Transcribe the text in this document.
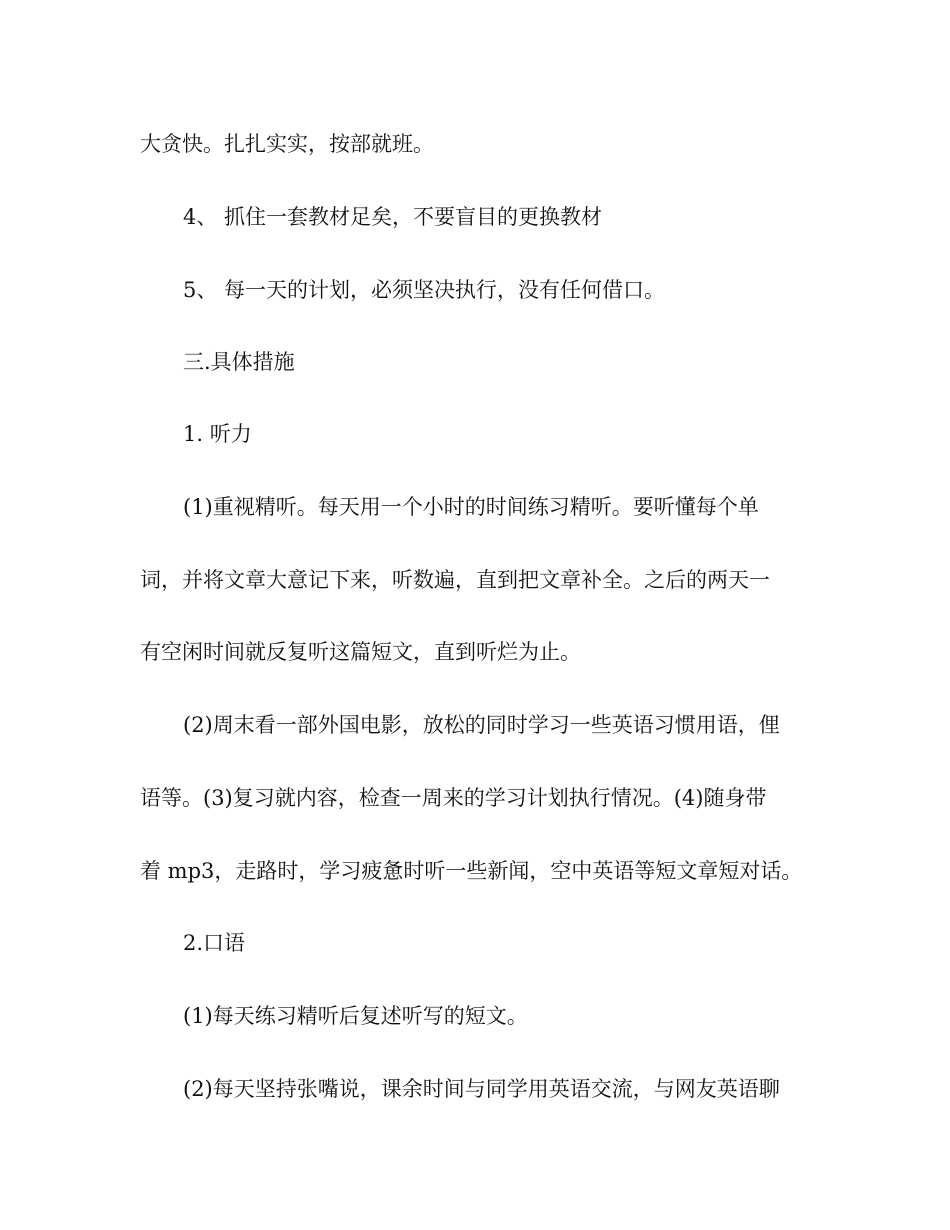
大贪快。扎扎实实，按部就班。
4、 抓住一套教材足矣，不要盲目的更换教材
5、 每一天的计划，必须坚决执行，没有任何借口。
三.具体措施
1. 听力
(1)重视精听。每天用一个小时的时间练习精听。要听懂每个单
词，并将文章大意记下来，听数遍，直到把文章补全。之后的两天一
有空闲时间就反复听这篇短文，直到听烂为止。
(2)周末看一部外国电影，放松的同时学习一些英语习惯用语，俚
语等。(3)复习就内容，检查一周来的学习计划执行情况。(4)随身带
着 mp3，走路时，学习疲惫时听一些新闻，空中英语等短文章短对话。
2.口语
(1)每天练习精听后复述听写的短文。
(2)每天坚持张嘴说，课余时间与同学用英语交流，与网友英语聊
